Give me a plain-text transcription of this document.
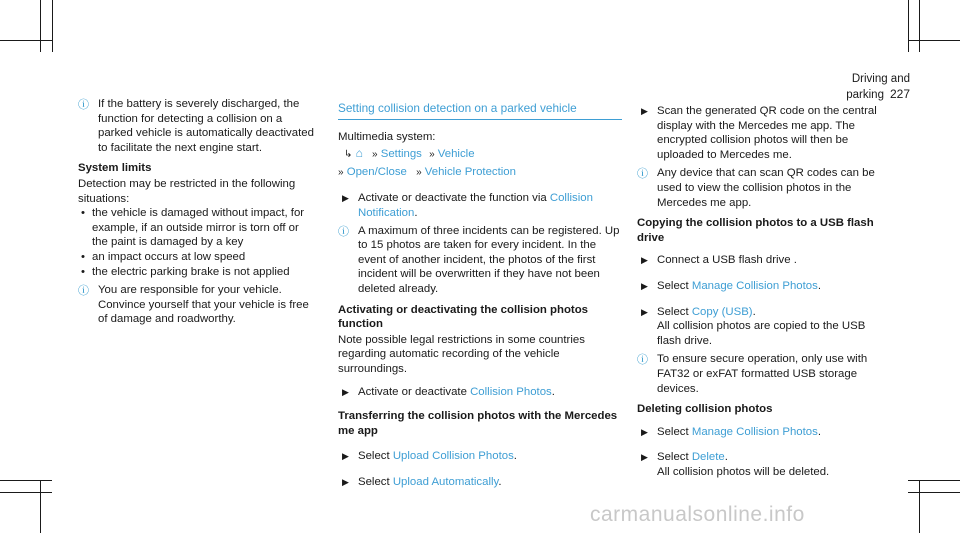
Driving and parking 227
ⓘ If the battery is severely discharged, the function for detecting a collision on a parked vehicle is automatically deactivated to facilitate the next engine start.

System limits

Detection may be restricted in the following situations:

• the vehicle is damaged without impact, for example, if an outside mirror is torn off or the paint is damaged by a key
• an impact occurs at low speed
• the electric parking brake is not applied
ⓘ You are responsible for your vehicle. Convince yourself that your vehicle is free of damage and roadworthy.

Setting collision detection on a parked vehicle

Multimedia system:

↳ ⌂ » Settings » Vehicle
» Open/Close » Vehicle Protection
▶ Activate or deactivate the function via Collision Notification.
ⓘ A maximum of three incidents can be registered. Up to 15 photos are taken for every incident. In the event of another incident, the photos of the first incident will be overwritten if they have not been deleted already.

Activating or deactivating the collision photos function

Note possible legal restrictions in some countries regarding automatic recording of the vehicle surroundings.

▶ Activate or deactivate Collision Photos.
Transferring the collision photos with the Mercedes me app
▶ Select Upload Collision Photos.
▶ Select Upload Automatically.
▶ Scan the generated QR code on the central display with the Mercedes me app. The encrypted collision photos will then be uploaded to Mercedes me.
ⓘ Any device that can scan QR codes can be used to view the collision photos in the Mercedes me app.

Copying the collision photos to a USB flash drive
▶ Connect a USB flash drive .
▶ Select Manage Collision Photos.
▶ Select Copy (USB).

All collision photos are copied to the USB flash drive.

ⓘ To ensure secure operation, only use with FAT32 or exFAT formatted USB storage devices.

Deleting collision photos
▶ Select Manage Collision Photos.
▶ Select Delete.

All collision photos will be deleted.

carmanualsonline.info
